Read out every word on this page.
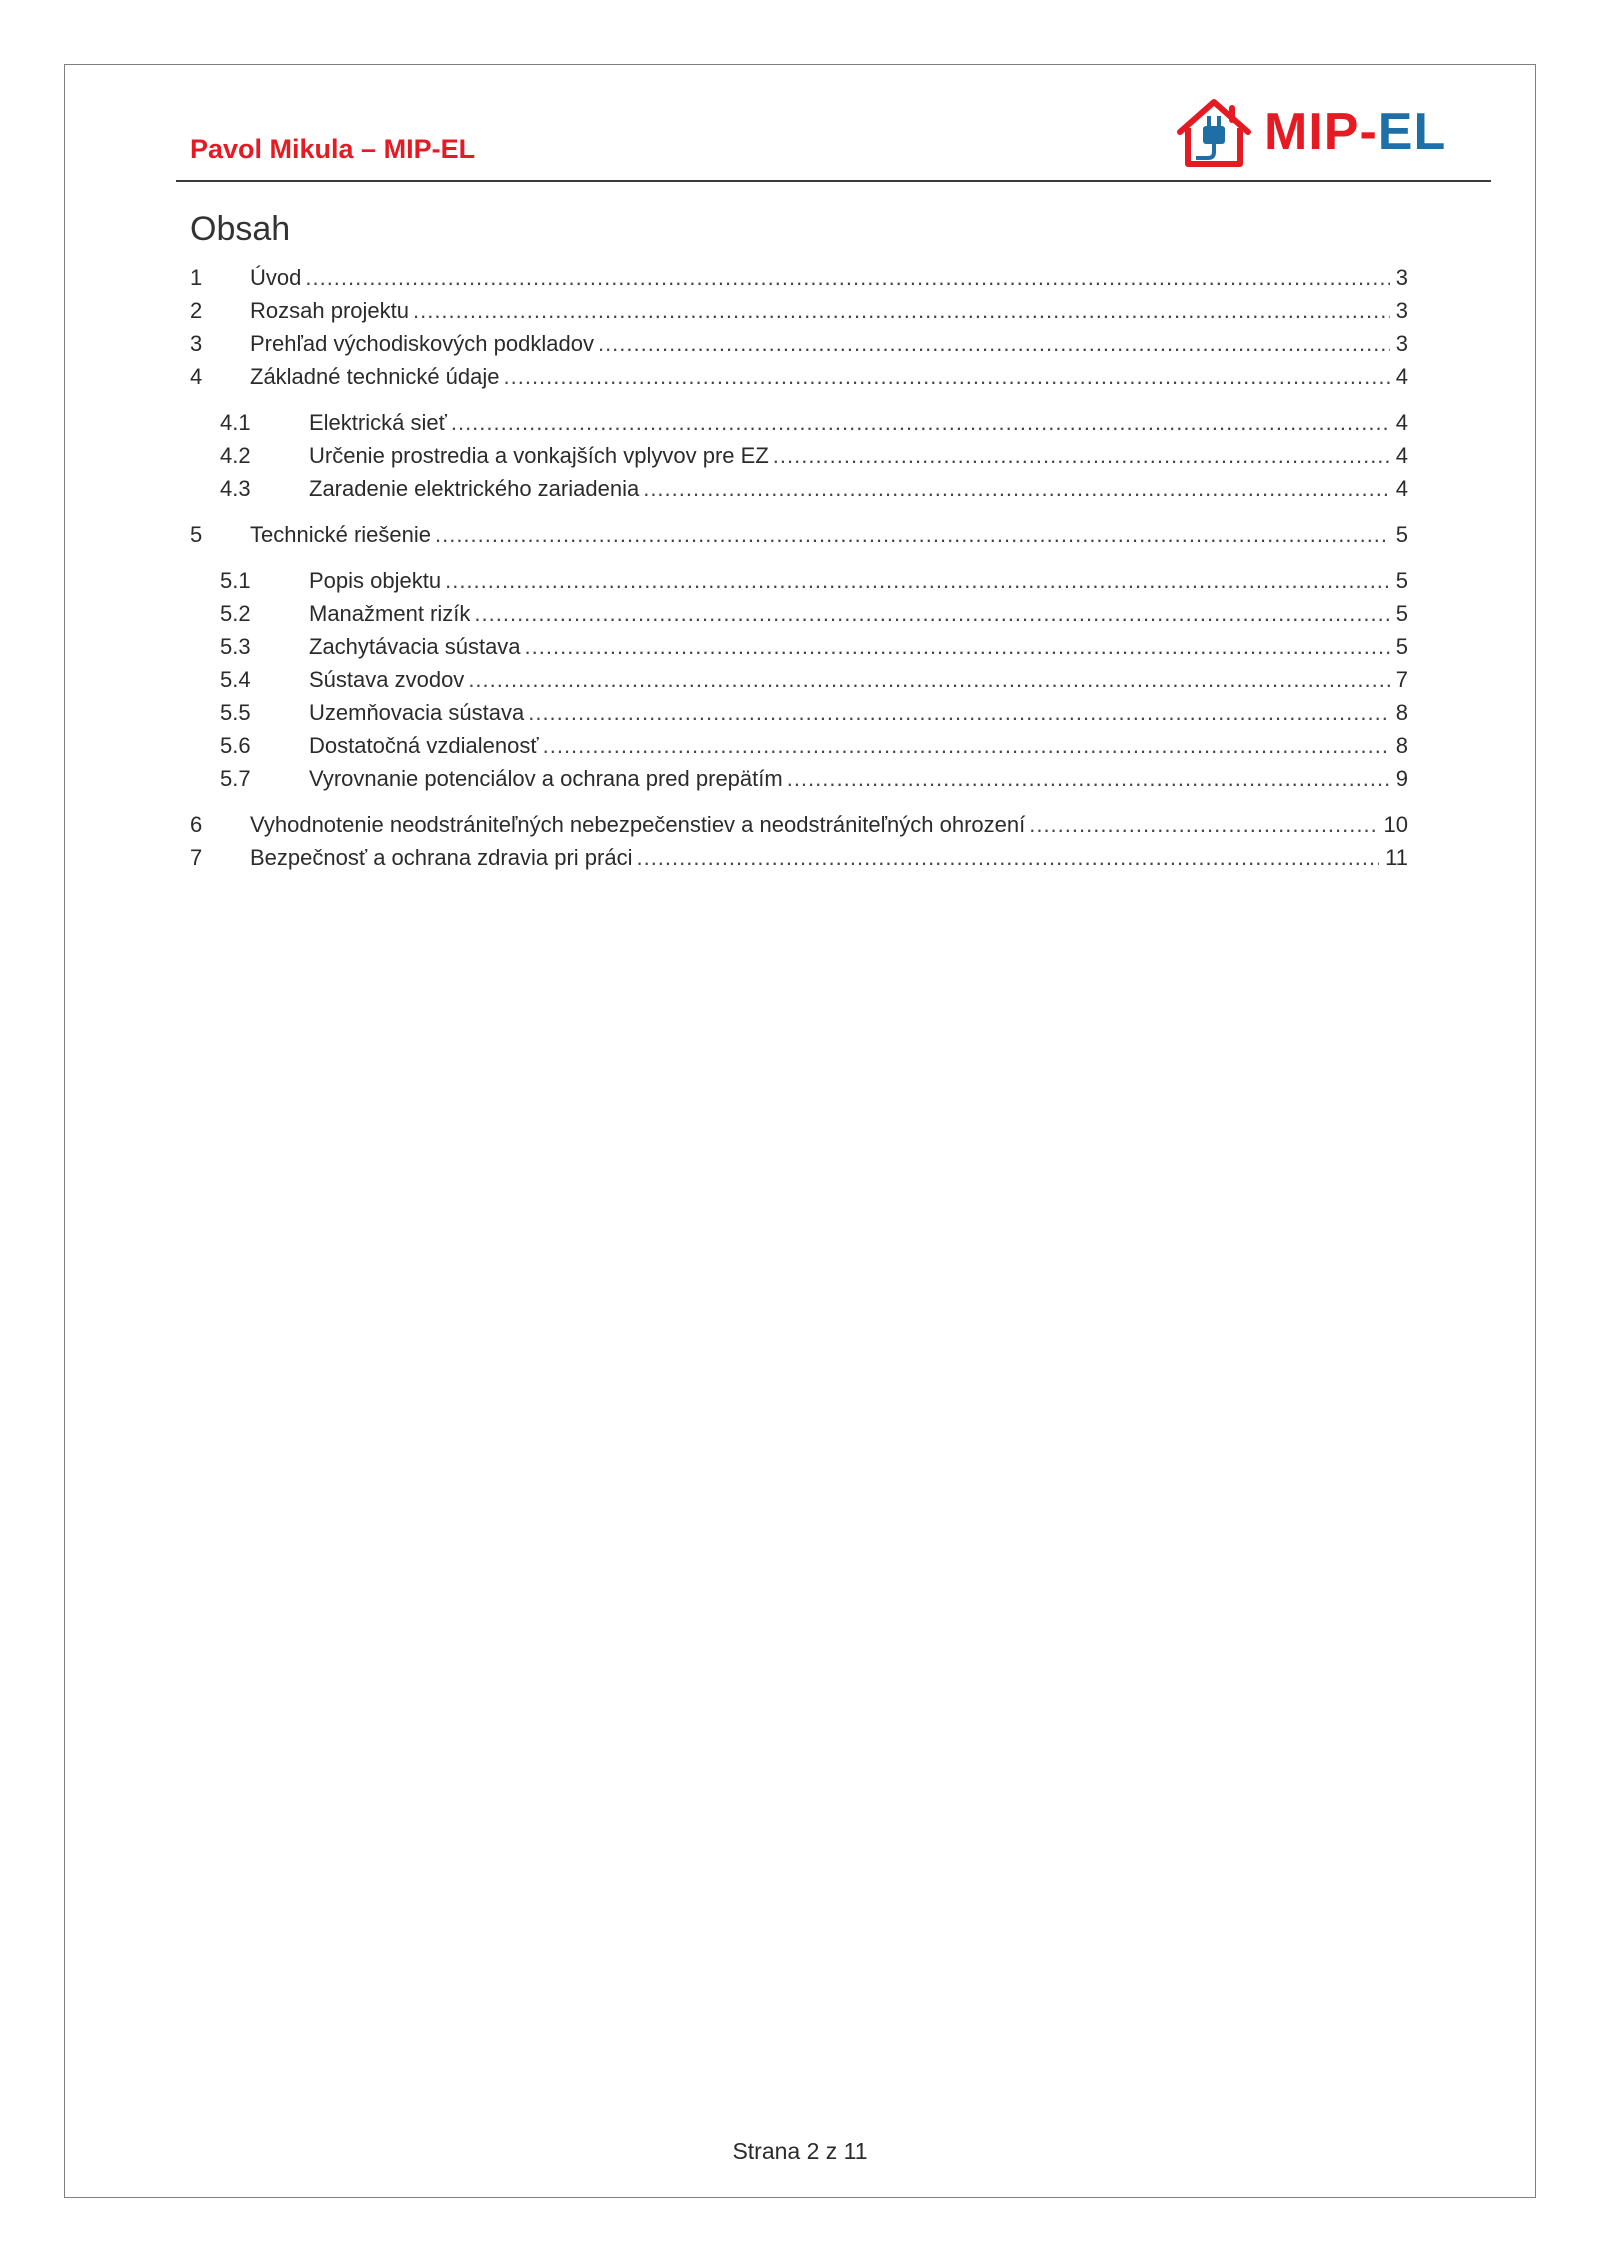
Pavol Mikula – MIP-EL	MIP-EL
Obsah
1 Úvod .....	3
2 Rozsah projektu .....	3
3 Prehľad východiskových podkladov .....	3
4 Základné technické údaje .....	4
4.1	Elektrická sieť .....	4
4.2	Určenie prostredia a vonkajších vplyvov pre EZ .....	4
4.3	Zaradenie elektrického zariadenia .....	4
5 Technické riešenie .....	5
5.1	Popis objektu .....	5
5.2	Manažment rizík .....	5
5.3	Zachytávacia sústava .....	5
5.4	Sústava zvodov .....	7
5.5	Uzemňovacia sústava .....	8
5.6	Dostatočná vzdialenosť .....	8
5.7	Vyrovnanie potenciálov a ochrana pred prepätím .....	9
6 Vyhodnotenie neodstrániteľných nebezpečenstiev a neodstrániteľných ohrození .....	10
7 Bezpečnosť a ochrana zdravia pri práci .....	11
Strana 2 z 11
